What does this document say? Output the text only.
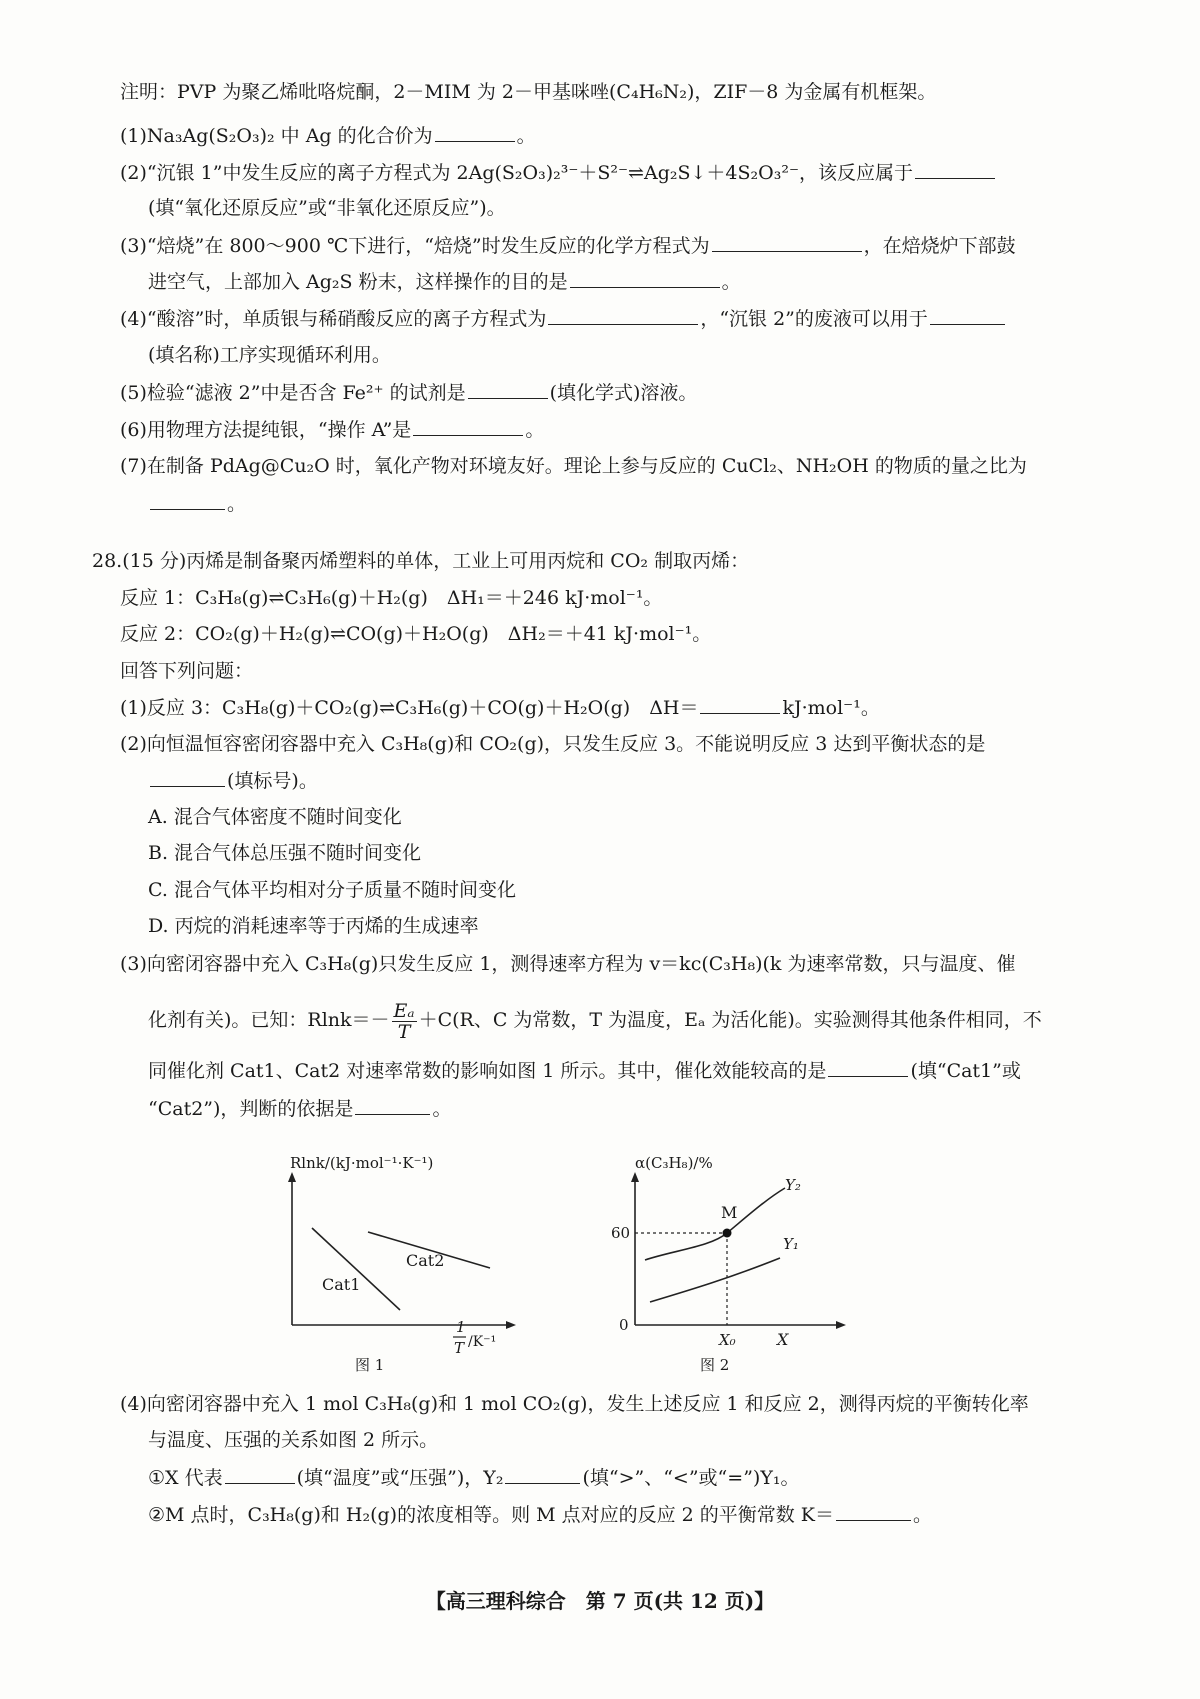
注明：PVP 为聚乙烯吡咯烷酮，2－MIM 为 2－甲基咪唑(C₄H₆N₂)，ZIF－8 为金属有机框架。
(1)Na₃Ag(S₂O₃)₂ 中 Ag 的化合价为	。
(2)“沉银 1”中发生反应的离子方程式为 2Ag(S₂O₃)₂³⁻＋S²⁻⇌Ag₂S↓＋4S₂O₃²⁻，该反应属于
(填“氧化还原反应”或“非氧化还原反应”)。
(3)“焙烧”在 800～900 ℃下进行，“焙烧”时发生反应的化学方程式为	，在焙烧炉下部鼓
进空气，上部加入 Ag₂S 粉末，这样操作的目的是	。
(4)“酸溶”时，单质银与稀硝酸反应的离子方程式为	，“沉银 2”的废液可以用于
(填名称)工序实现循环利用。
(5)检验“滤液 2”中是否含 Fe²⁺ 的试剂是	(填化学式)溶液。
(6)用物理方法提纯银，“操作 A”是	。
(7)在制备 PdAg@Cu₂O 时，氧化产物对环境友好。理论上参与反应的 CuCl₂、NH₂OH 的物质的量之比为
。
28.(15 分)丙烯是制备聚丙烯塑料的单体，工业上可用丙烷和 CO₂ 制取丙烯：
反应 1：C₃H₈(g)⇌C₃H₆(g)＋H₂(g)　ΔH₁＝＋246 kJ·mol⁻¹。
反应 2：CO₂(g)＋H₂(g)⇌CO(g)＋H₂O(g)　ΔH₂＝＋41 kJ·mol⁻¹。
回答下列问题：
(1)反应 3：C₃H₈(g)＋CO₂(g)⇌C₃H₆(g)＋CO(g)＋H₂O(g)　ΔH＝	kJ·mol⁻¹。
(2)向恒温恒容密闭容器中充入 C₃H₈(g)和 CO₂(g)，只发生反应 3。不能说明反应 3 达到平衡状态的是
(填标号)。
A. 混合气体密度不随时间变化
B. 混合气体总压强不随时间变化
C. 混合气体平均相对分子质量不随时间变化
D. 丙烷的消耗速率等于丙烯的生成速率
(3)向密闭容器中充入 C₃H₈(g)只发生反应 1，测得速率方程为 v＝kc(C₃H₈)(k 为速率常数，只与温度、催
化剂有关)。已知：$Rlnk=- \frac{\text{Eₐ}}{T} +C(R$、C 为常数，T 为温度，Eₐ 为活化能)。实验测得其他条件相同，不
同催化剂 Cat1、Cat2 对速率常数的影响如图 1 所示。其中，催化效能较高的是	(填“Cat1”或
“Cat2”)，判断的依据是	。
Rlnk/(kJ·mol⁻¹·K⁻¹)
Cat1
Cat2
1
T /K⁻¹
图 1
α(C₃H₈)/%
0
60
M
Y₂
Y₁
X₀	X
图 2
(4)向密闭容器中充入 1 mol C₃H₈(g)和 1 mol CO₂(g)，发生上述反应 1 和反应 2，测得丙烷的平衡转化率
与温度、压强的关系如图 2 所示。
①X 代表	(填“温度”或“压强”)，Y₂	(填“>”、“<”或“=”)Y₁。
②M 点时，C₃H₈(g)和 H₂(g)的浓度相等。则 M 点对应的反应 2 的平衡常数 K＝	。
【高三理科综合　第 7 页(共 12 页)】
